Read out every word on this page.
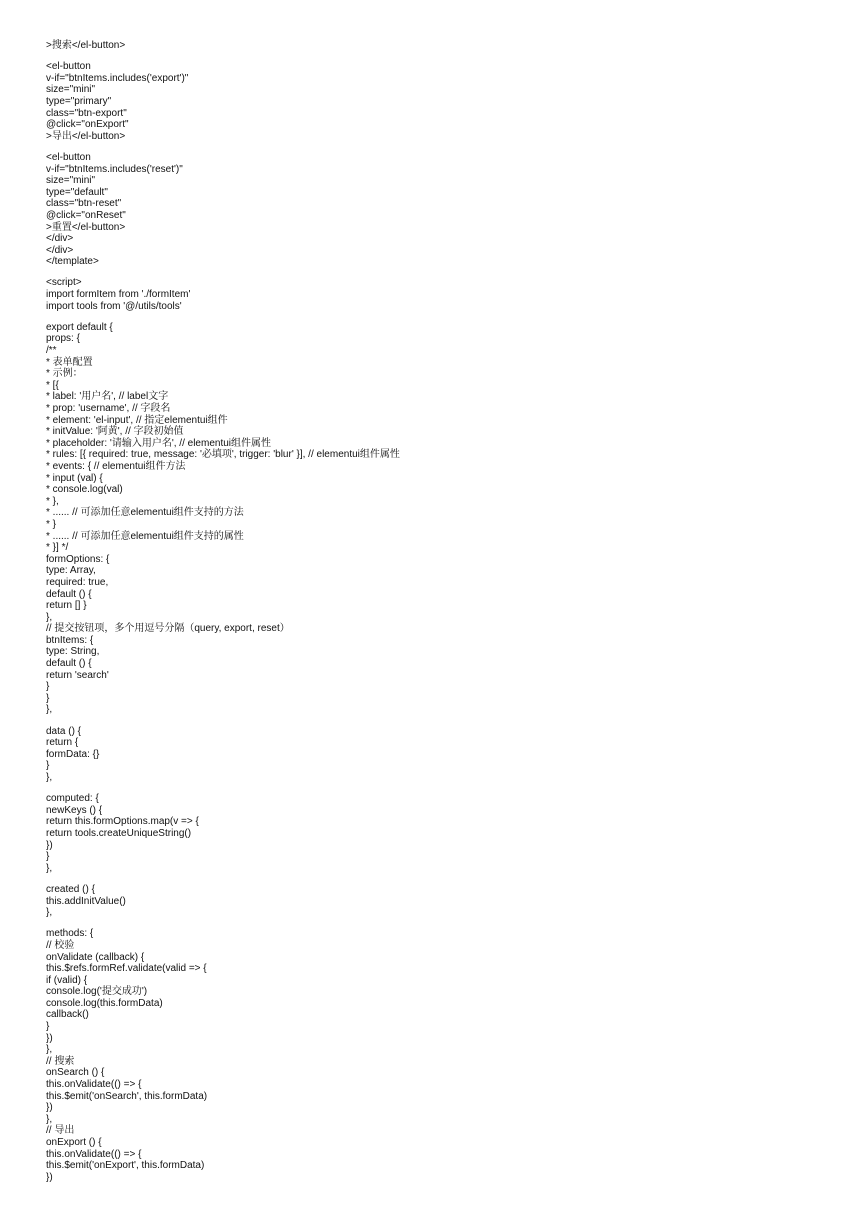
>搜索</el-button>
<el-button
v-if="btnItems.includes('export')"
size="mini"
type="primary"
class="btn-export"
@click="onExport"
>导出</el-button>
<el-button
v-if="btnItems.includes('reset')"
size="mini"
type="default"
class="btn-reset"
@click="onReset"
>重置</el-button>
</div>
</div>
</template>
<script>
import formItem from './formItem'
import tools from '@/utils/tools'
export default {
props: {
/**
* 表单配置
* 示例：
* [{
* label: '用户名', // label文字
* prop: 'username', // 字段名
* element: 'el-input', // 指定elementui组件
* initValue: '阿黄', // 字段初始值
* placeholder: '请输入用户名', // elementui组件属性
* rules: [{ required: true, message: '必填项', trigger: 'blur' }], // elementui组件属性
* events: { // elementui组件方法
* input (val) {
* console.log(val)
* },
* ...... // 可添加任意elementui组件支持的方法
* }
* ...... // 可添加任意elementui组件支持的属性
* }] */
formOptions: {
type: Array,
required: true,
default () {
return [] }
},
// 提交按钮项，多个用逗号分隔（query, export, reset）
btnItems: {
type: String,
default () {
return 'search'
}
}
},
data () {
return {
formData: {}
}
},
computed: {
newKeys () {
return this.formOptions.map(v => {
return tools.createUniqueString()
})
}
},
created () {
this.addInitValue()
},
methods: {
// 校验
onValidate (callback) {
this.$refs.formRef.validate(valid => {
if (valid) {
console.log('提交成功')
console.log(this.formData)
callback()
}
})
},
// 搜索
onSearch () {
this.onValidate(() => {
this.$emit('onSearch', this.formData)
})
},
// 导出
onExport () {
this.onValidate(() => {
this.$emit('onExport', this.formData)
})
